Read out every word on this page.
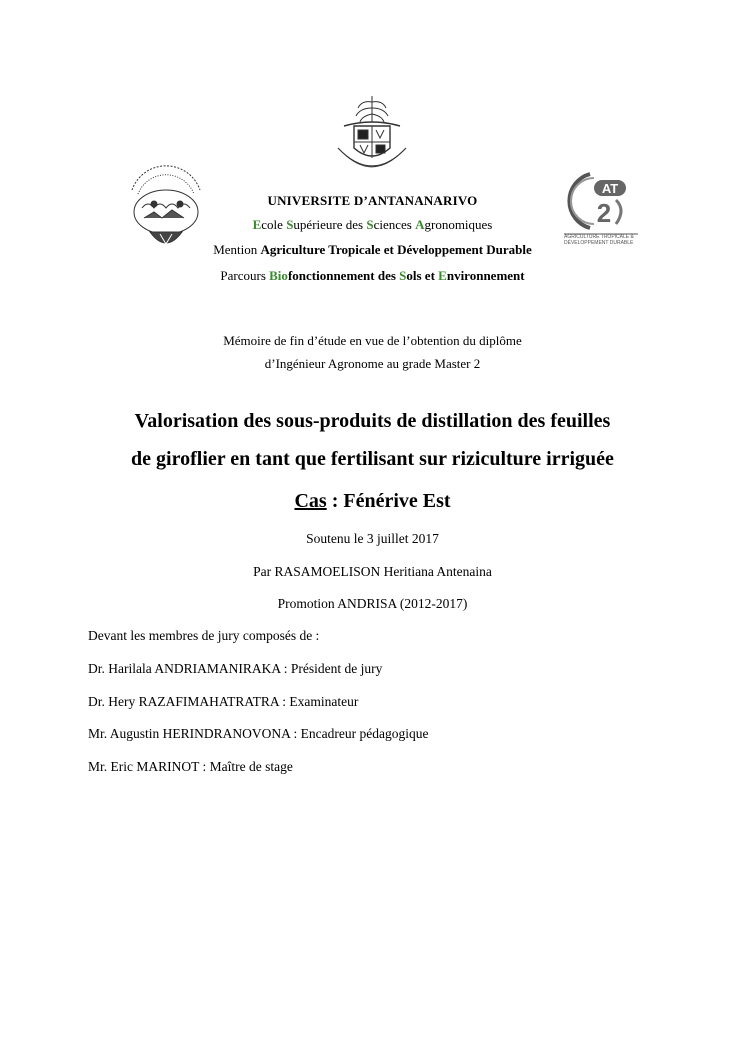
AT
2
AGRICULTURE TROPICALE & DÉVELOPPEMENT DURABLE
UNIVERSITE D’ANTANANARIVO
Ecole Supérieure des Sciences Agronomiques
Mention Agriculture Tropicale et Développement Durable
Parcours Biofonctionnement des Sols et Environnement
Mémoire de fin d’étude en vue de l’obtention du diplôme
d’Ingénieur Agronome au grade Master 2
Valorisation des sous-produits de distillation des feuilles
de giroflier en tant que fertilisant sur riziculture irriguée
Cas : Fénérive Est
Soutenu le 3 juillet 2017
Par RASAMOELISON Heritiana Antenaina
Promotion ANDRISA (2012-2017)
Devant les membres de jury composés de :
Dr. Harilala ANDRIAMANIRAKA : Président de jury
Dr. Hery RAZAFIMAHATRATRA : Examinateur
Mr. Augustin HERINDRANOVONA : Encadreur pédagogique
Mr. Eric MARINOT : Maître de stage
